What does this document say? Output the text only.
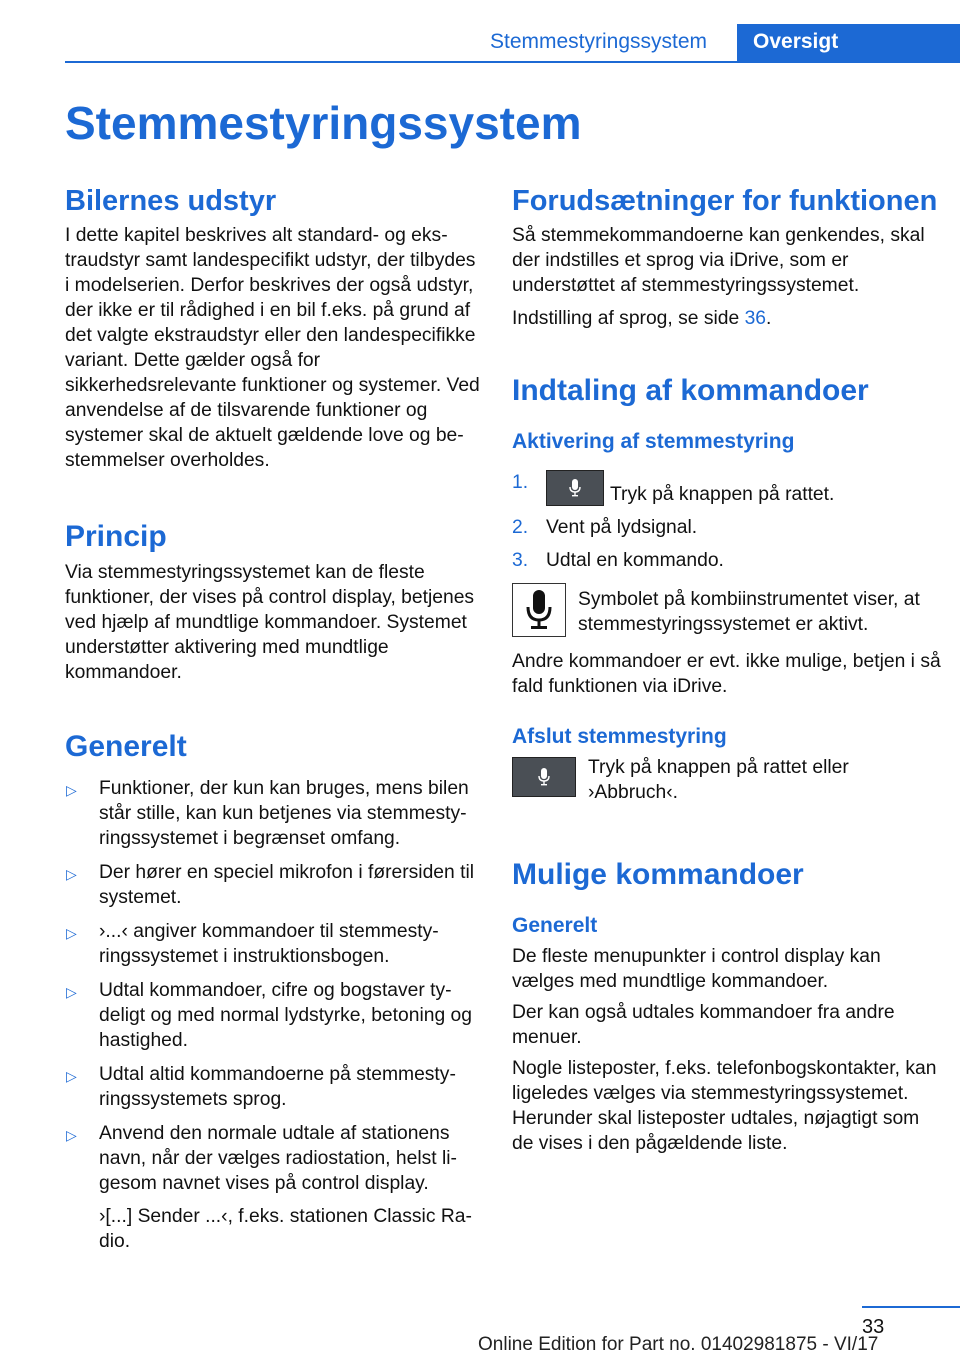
Stemmestyringssystem	Oversigt
Stemmestyringssystem
Bilernes udstyr

I dette kapitel beskrives alt standard- og ekstraudstyr samt landespecifikt udstyr, der tilbydes i modelserien. Derfor beskrives der også udstyr, der ikke er til rådighed i en bil f.eks. på grund af det valgte ekstraudstyr eller den landespecifikke variant. Dette gælder også for sikkerhedsrelevante funktioner og systemer. Ved anvendelse af de tilsvarende funktioner og systemer skal de aktuelt gældende love og bestemmelser overholdes.

Princip

Via stemmestyringssystemet kan de fleste funktioner, der vises på control display, betjenes ved hjælp af mundtlige kommandoer. Systemet understøtter aktivering med mundtlige kommandoer.

Generelt
▷ Funktioner, der kun kan bruges, mens bilen står stille, kan kun betjenes via stemmestyringssystemet i begrænset omfang.
▷ Der hører en speciel mikrofon i førersiden til systemet.
▷ ›...‹ angiver kommandoer til stemmestyringssystemet i instruktionsbogen.
▷ Udtal kommandoer, cifre og bogstaver tydeligt og med normal lydstyrke, betoning og hastighed.
▷ Udtal altid kommandoerne på stemmestyringssystemets sprog.
▷ Anvend den normale udtale af stationens navn, når der vælges radiostation, helst ligesom navnet vises på control display.
›[...] Sender ...‹, f.eks. stationen Classic Radio.
Forudsætninger for funktionen

Så stemmekommandoerne kan genkendes, skal der indstilles et sprog via iDrive, som er understøttet af stemmestyringssystemet.

Indstilling af sprog, se side 36.

Indtaling af kommandoer
Aktivering af stemmestyring
1.
Tryk på knappen på rattet.
2. Vent på lydsignal.
3. Udtal en kommando.

Symbolet på kombiinstrumentet viser, at stemmestyringssystemet er aktivt.

Andre kommandoer er evt. ikke mulige, betjen i så fald funktionen via iDrive.

Afslut stemmestyring

Tryk på knappen på rattet eller ›Abbruch‹.

Mulige kommandoer
Generelt

De fleste menupunkter i control display kan vælges med mundtlige kommandoer.

Der kan også udtales kommandoer fra andre menuer.

Nogle listeposter, f.eks. telefonbogskontakter, kan ligeledes vælges via stemmestyringssystemet. Herunder skal listeposter udtales, nøjagtigt som de vises i den pågældende liste.

33
Online Edition for Part no. 01402981875 - VI/17
